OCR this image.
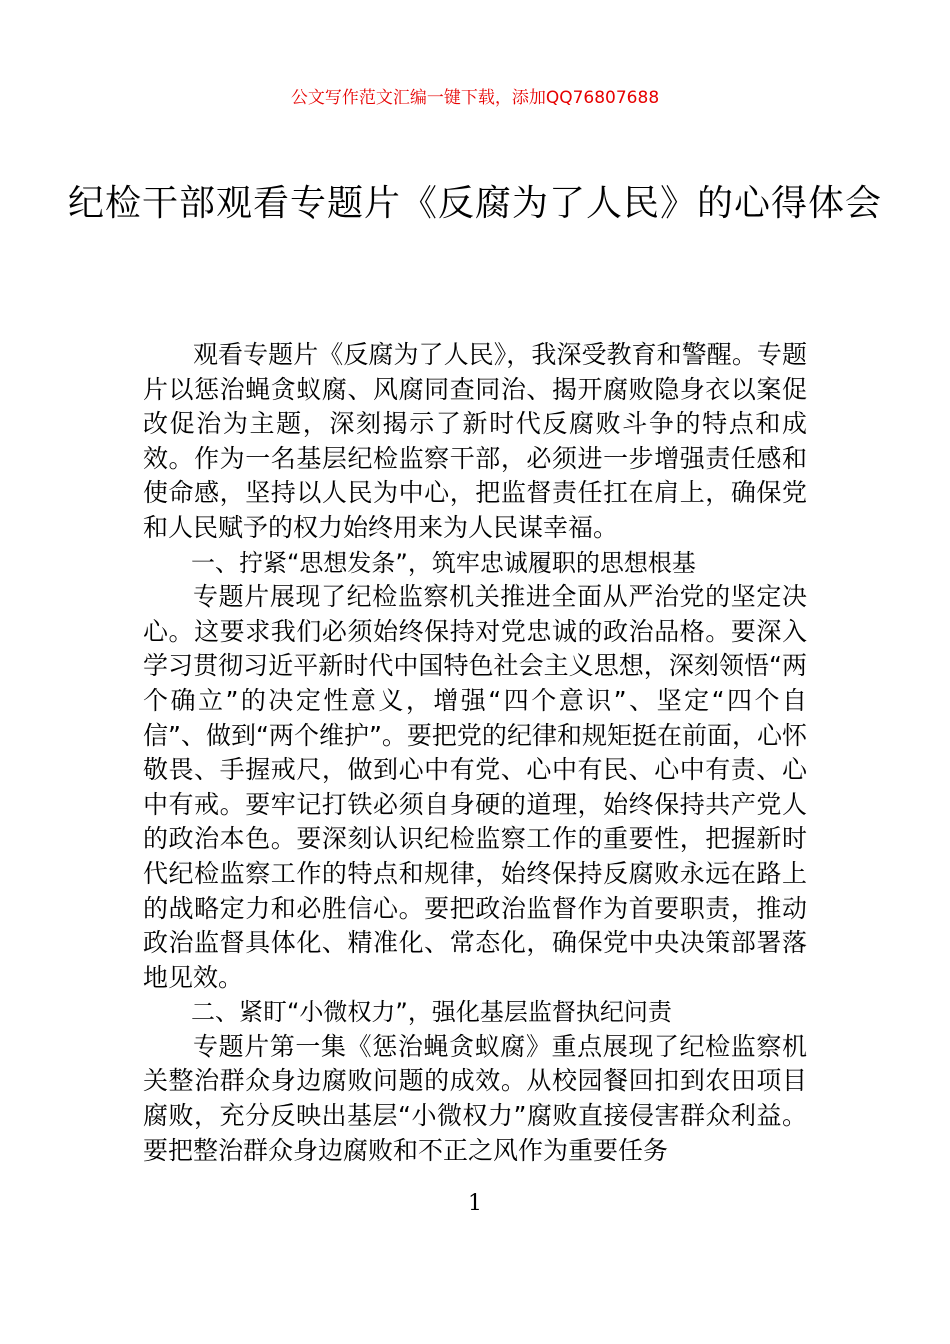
公文写作范文汇编一键下载，添加QQ76807688
纪检干部观看专题片《反腐为了人民》的心得体会

观看专题片《反腐为了人民》，我深受教育和警醒。专题片以惩治蝇贪蚁腐、风腐同查同治、揭开腐败隐身衣以案促改促治为主题，深刻揭示了新时代反腐败斗争的特点和成效。作为一名基层纪检监察干部，必须进一步增强责任感和使命感，坚持以人民为中心，把监督责任扛在肩上，确保党和人民赋予的权力始终用来为人民谋幸福。

一、拧紧“思想发条”，筑牢忠诚履职的思想根基

专题片展现了纪检监察机关推进全面从严治党的坚定决心。这要求我们必须始终保持对党忠诚的政治品格。要深入学习贯彻习近平新时代中国特色社会主义思想，深刻领悟“两个确立”的决定性意义，增强“四个意识”、坚定“四个自信”、做到“两个维护”。要把党的纪律和规矩挺在前面，心怀敬畏、手握戒尺，做到心中有党、心中有民、心中有责、心中有戒。要牢记打铁必须自身硬的道理，始终保持共产党人的政治本色。要深刻认识纪检监察工作的重要性，把握新时代纪检监察工作的特点和规律，始终保持反腐败永远在路上的战略定力和必胜信心。要把政治监督作为首要职责，推动政治监督具体化、精准化、常态化，确保党中央决策部署落地见效。

二、紧盯“小微权力”，强化基层监督执纪问责

专题片第一集《惩治蝇贪蚁腐》重点展现了纪检监察机关整治群众身边腐败问题的成效。从校园餐回扣到农田项目腐败，充分反映出基层“小微权力”腐败直接侵害群众利益。要把整治群众身边腐败和不正之风作为重要任务

1
